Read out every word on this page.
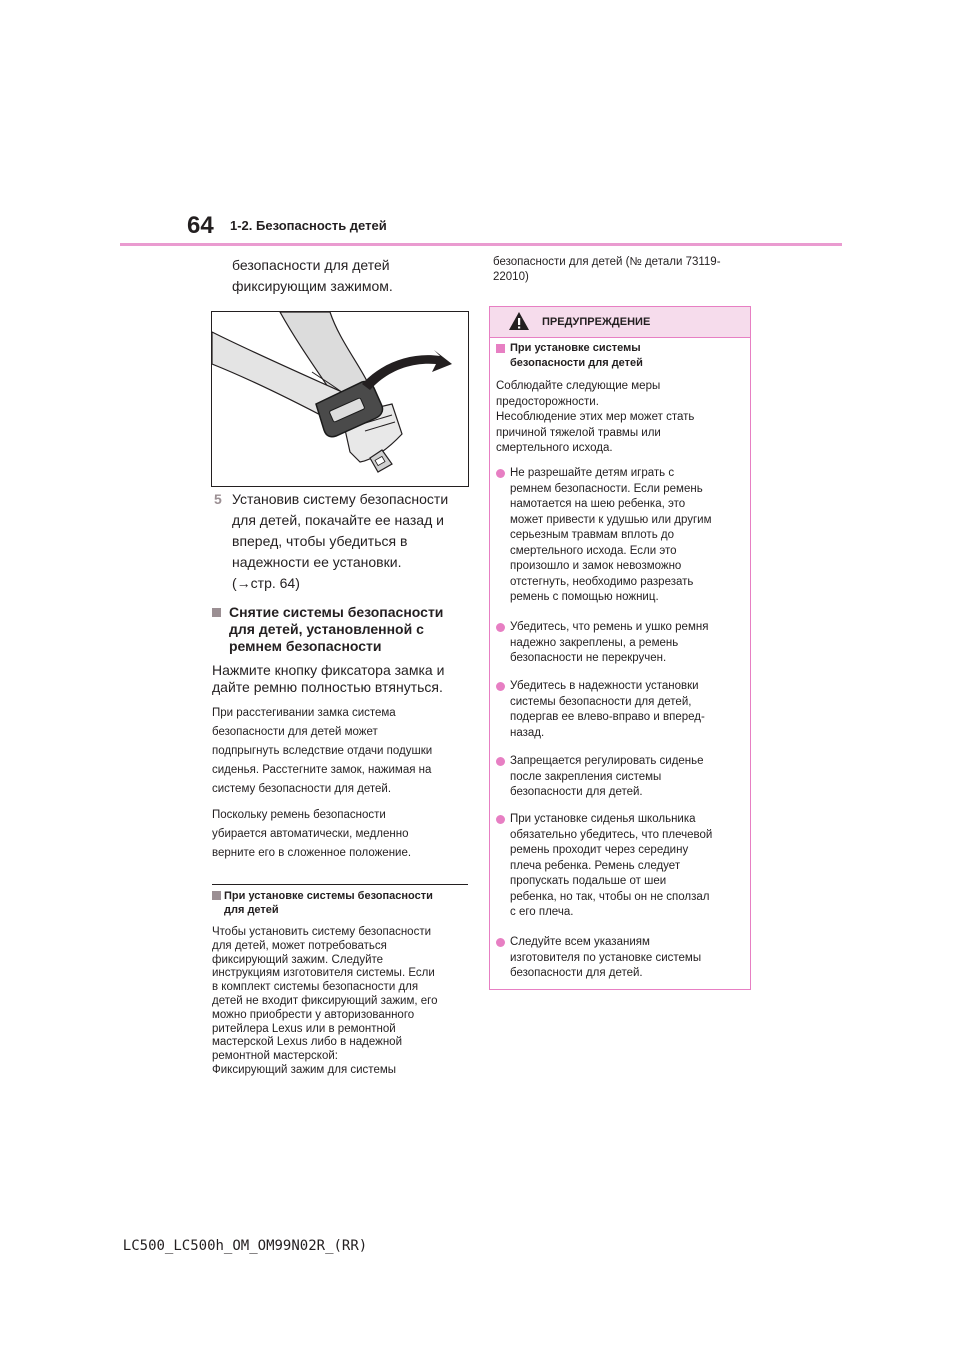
64 1-2. Безопасность детей
безопасности для детей
фиксирующим зажимом.
5 Установив систему безопасности
для детей, покачайте ее назад и
вперед, чтобы убедиться в
надежности ее установки.
(→стр. 64)
Снятие системы безопасности
для детей, установленной с
ремнем безопасности
Нажмите кнопку фиксатора замка и
дайте ремню полностью втянуться.
При расстегивании замка система
безопасности для детей может
подпрыгнуть вследствие отдачи подушки
сиденья. Расстегните замок, нажимая на
систему безопасности для детей.
Поскольку ремень безопасности
убирается автоматически, медленно
верните его в сложенное положение.
При установке системы безопасности
для детей
Чтобы установить систему безопасности
для детей, может потребоваться
фиксирующий зажим. Следуйте
инструкциям изготовителя системы. Если
в комплект системы безопасности для
детей не входит фиксирующий зажим, его
можно приобрести у авторизованного
ритейлера Lexus или в ремонтной
мастерской Lexus либо в надежной
ремонтной мастерской:
Фиксирующий зажим для системы
безопасности для детей (№ детали 73119-
22010)
ПРЕДУПРЕЖДЕНИЕ
При установке системы
безопасности для детей
Соблюдайте следующие меры
предосторожности.
Несоблюдение этих мер может стать
причиной тяжелой травмы или
смертельного исхода.
Не разрешайте детям играть с
ремнем безопасности. Если ремень
намотается на шею ребенка, это
может привести к удушью или другим
серьезным травмам вплоть до
смертельного исхода. Если это
произошло и замок невозможно
отстегнуть, необходимо разрезать
ремень с помощью ножниц.
Убедитесь, что ремень и ушко ремня
надежно закреплены, а ремень
безопасности не перекручен.
Убедитесь в надежности установки
системы безопасности для детей,
подергав ее влево-вправо и вперед-
назад.
Запрещается регулировать сиденье
после закрепления системы
безопасности для детей.
При установке сиденья школьника
обязательно убедитесь, что плечевой
ремень проходит через середину
плеча ребенка. Ремень следует
пропускать подальше от шеи
ребенка, но так, чтобы он не сползал
с его плеча.
Следуйте всем указаниям
изготовителя по установке системы
безопасности для детей.
LC500_LC500h_OM_OM99N02R_(RR)
